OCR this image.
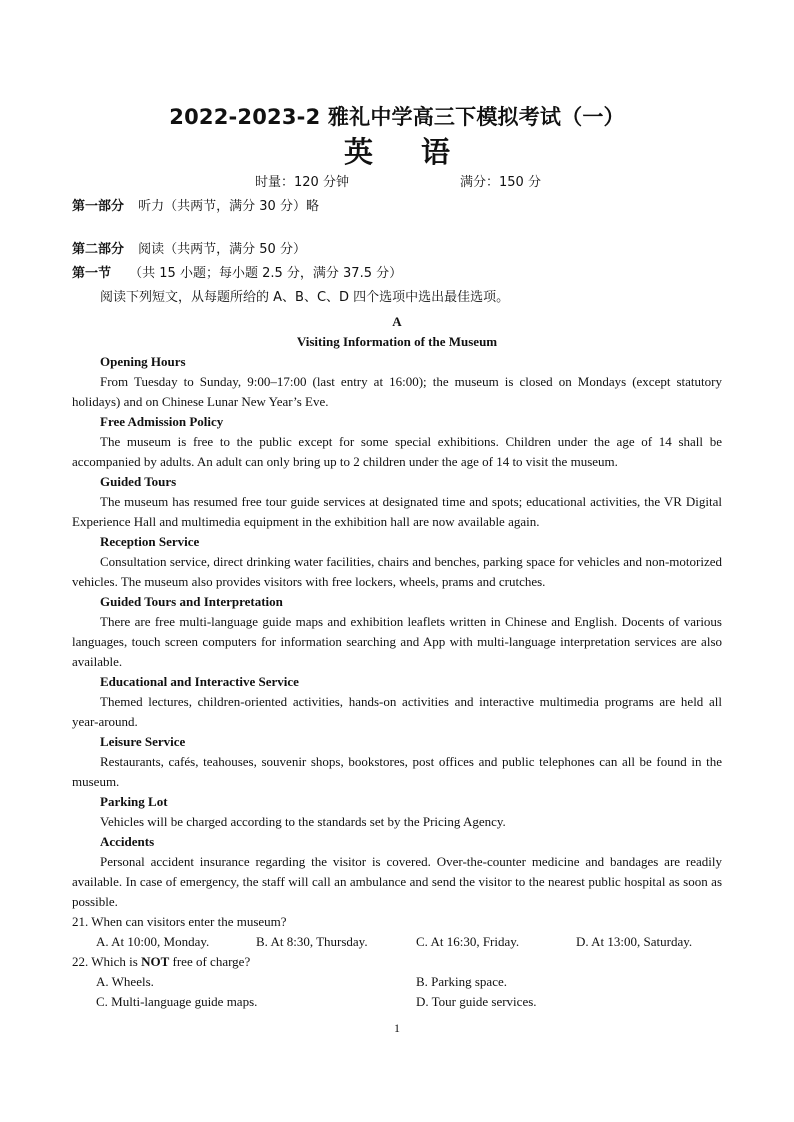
2022-2023-2 雅礼中学高三下模拟考试（一）
英 语
时量：120 分钟	满分：150 分
第一部分 听力（共两节，满分 30 分）略
第二部分 阅读（共两节，满分 50 分）
第一节 （共 15 小题；每小题 2.5 分，满分 37.5 分）
阅读下列短文，从每题所给的 A、B、C、D 四个选项中选出最佳选项。
A
Visiting Information of the Museum
Opening Hours
From Tuesday to Sunday, 9:00–17:00 (last entry at 16:00); the museum is closed on Mondays (except statutory holidays) and on Chinese Lunar New Year’s Eve.
Free Admission Policy
The museum is free to the public except for some special exhibitions. Children under the age of 14 shall be accompanied by adults. An adult can only bring up to 2 children under the age of 14 to visit the museum.
Guided Tours
The museum has resumed free tour guide services at designated time and spots; educational activities, the VR Digital Experience Hall and multimedia equipment in the exhibition hall are now available again.
Reception Service
Consultation service, direct drinking water facilities, chairs and benches, parking space for vehicles and non-motorized vehicles. The museum also provides visitors with free lockers, wheels, prams and crutches.
Guided Tours and Interpretation
There are free multi-language guide maps and exhibition leaflets written in Chinese and English. Docents of various languages, touch screen computers for information searching and App with multi-language interpretation services are also available.
Educational and Interactive Service
Themed lectures, children-oriented activities, hands-on activities and interactive multimedia programs are held all year-around.
Leisure Service
Restaurants, cafés, teahouses, souvenir shops, bookstores, post offices and public telephones can all be found in the museum.
Parking Lot
Vehicles will be charged according to the standards set by the Pricing Agency.
Accidents
Personal accident insurance regarding the visitor is covered. Over-the-counter medicine and bandages are readily available. In case of emergency, the staff will call an ambulance and send the visitor to the nearest public hospital as soon as possible.
21. When can visitors enter the museum?
A. At 10:00, Monday.	B. At 8:30, Thursday.	C. At 16:30, Friday.	D. At 13:00, Saturday.
22. Which is NOT free of charge?
A. Wheels.	B. Parking space.
C. Multi-language guide maps.	D. Tour guide services.
1
